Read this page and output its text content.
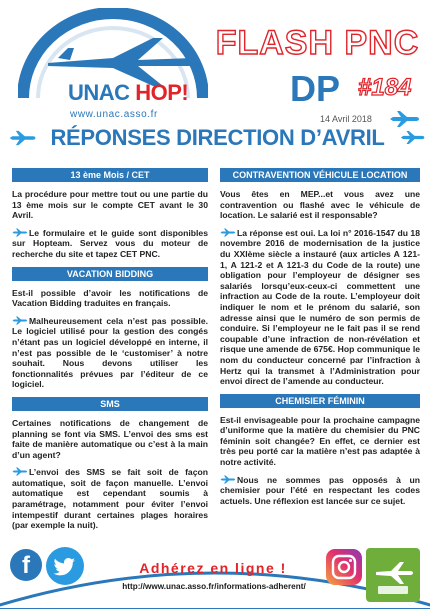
UNAC HOP!
www.unac.asso.fr
FLASH PNC
DP #184
14 Avril 2018
RÉPONSES DIRECTION D’AVRIL
13 ème Mois / CET

La procédure pour mettre tout ou une partie du 13 ème mois sur le compte CET avant le 30 Avril.

Le formulaire et le guide sont disponibles sur Hopteam. Servez vous du moteur de recherche du site et tapez CET PNC.

VACATION BIDDING

Est-il possible d’avoir les notifications de Vacation Bidding traduites en français.

Malheureusement cela n’est pas possible. Le logiciel utilisé pour la gestion des congés n’étant pas un logiciel développé en interne, il n’est pas possible de le ‘customiser’ à notre souhait. Nous devons utiliser les fonctionnalités prévues par l’éditeur de ce logiciel.

SMS

Certaines notifications de changement de planning se font via SMS. L’envoi des sms est faite de manière automatique ou c’est à la main d’un agent?

L’envoi des SMS se fait soit de façon automatique, soit de façon manuelle. L’envoi automatique est cependant soumis à paramétrage, notamment pour éviter l’envoi intempestif durant certaines plages horaires (par exemple la nuit).

CONTRAVENTION VÉHICULE LOCATION

Vous êtes en MEP...et vous avez une contravention ou flashé avec le véhicule de location. Le salarié est il responsable?

La réponse est oui. La loi n° 2016-1547 du 18 novembre 2016 de modernisation de la justice du XXIème siècle a instauré (aux articles A 121-1, A 121-2 et A 121-3 du Code de la route) une obligation pour l’employeur de désigner ses salariés lorsqu’eux-ceux-ci commettent une infraction au Code de la route. L’employeur doit indiquer le nom et le prénom du salarié, son adresse ainsi que le numéro de son permis de conduire. Si l’employeur ne le fait pas il se rend coupable d’une infraction de non-révélation et risque une amende de 675€. Hop communique le nom du conducteur concerné par l’infraction à Hertz qui la transmet à l’Administration pour envoi direct de l’amende au conducteur.

CHEMISIER FÉMININ

Est-il envisageable pour la prochaine campagne d’uniforme que la matière du chemisier du PNC féminin soit changée? En effet, ce dernier est très peu porté car la matière n’est pas adaptée à notre activité.

Nous ne sommes pas opposés à un chemisier pour l’été en respectant les codes actuels. Une réflexion est lancée sur ce sujet.

f	Adhérez en ligne !
http://www.unac.asso.fr/informations-adherent/
